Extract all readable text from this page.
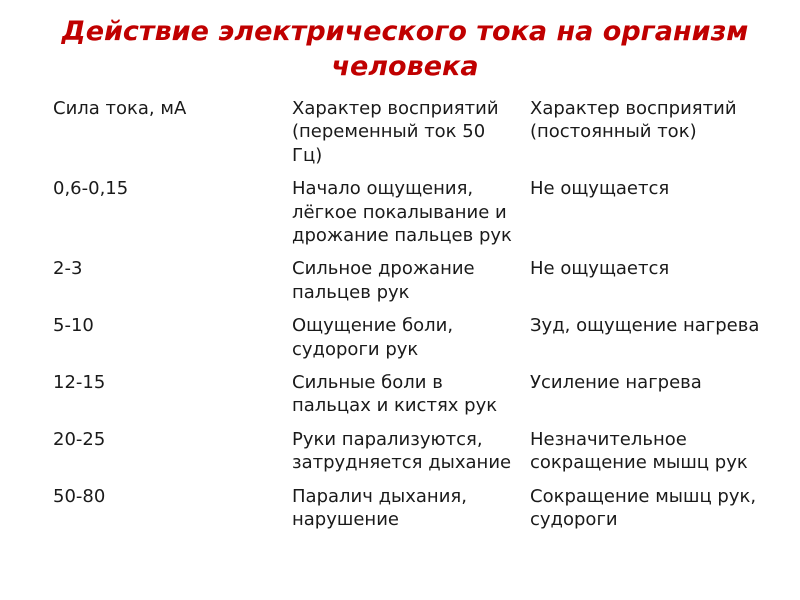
Действие электрического тока на организм человека
Сила тока, мА	Характер восприятий (переменный ток 50 Гц)	Характер восприятий (постоянный ток)
0,6-0,15	Начало ощущения, лёгкое покалывание и дрожание пальцев рук	Не ощущается
2-3	Сильное дрожание пальцев рук	Не ощущается
5-10	Ощущение боли, судороги рук	Зуд, ощущение нагрева
12-15	Сильные боли в пальцах и кистях рук	Усиление нагрева
20-25	Руки парализуются, затрудняется дыхание	Незначительное сокращение мышц рук
50-80	Паралич дыхания, нарушение	Сокращение мышц рук, судороги
